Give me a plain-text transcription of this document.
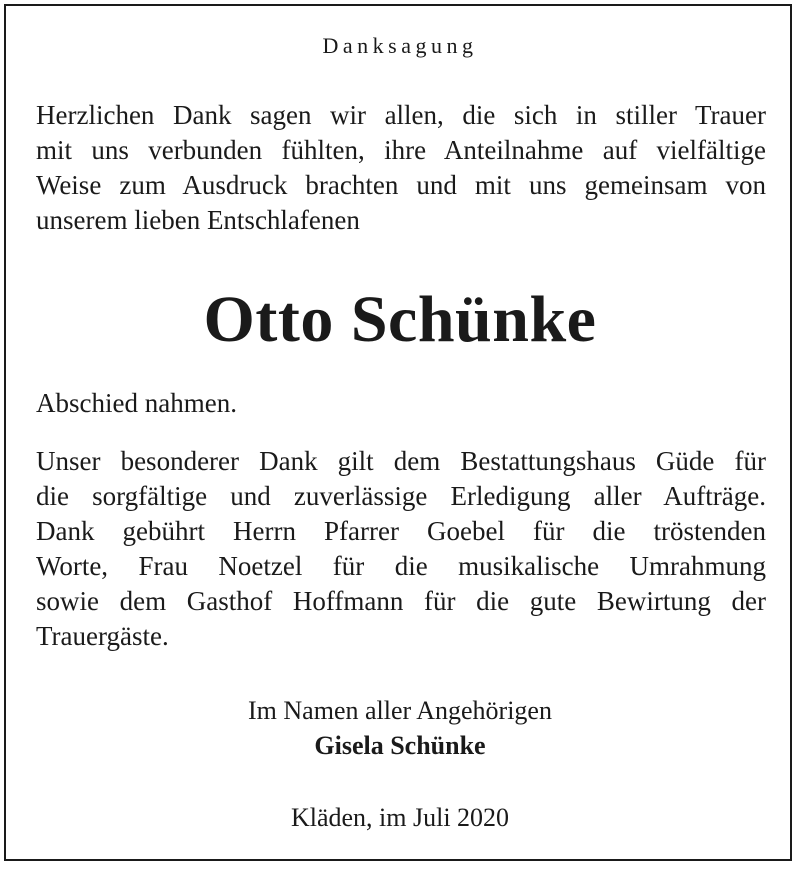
Danksagung

Herzlichen Dank sagen wir allen, die sich in stiller Trauer
mit uns verbunden fühlten, ihre Anteilnahme auf vielfältige
Weise zum Ausdruck brachten und mit uns gemeinsam von
unserem lieben Entschlafenen

Otto Schünke

Abschied nahmen.

Unser besonderer Dank gilt dem Bestattungshaus Güde für
die sorgfältige und zuverlässige Erledigung aller Aufträge.
Dank gebührt Herrn Pfarrer Goebel für die tröstenden
Worte, Frau Noetzel für die musikalische Umrahmung
sowie dem Gasthof Hoffmann für die gute Bewirtung der
Trauergäste.

Im Namen aller Angehörigen
Gisela Schünke
Kläden, im Juli 2020
